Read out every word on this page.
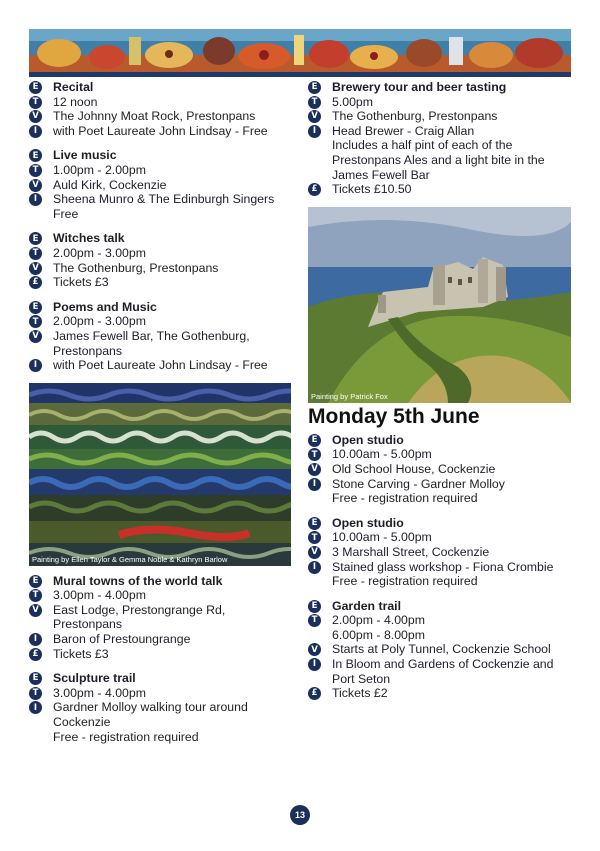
E Recital
T 12 noon
V The Johnny Moat Rock, Prestonpans
I	with Poet Laureate John Lindsay - Free
E Live music
T 1.00pm - 2.00pm
V Auld Kirk, Cockenzie
I	Sheena Munro & The Edinburgh Singers
Free
E Witches talk
T 2.00pm - 3.00pm
V The Gothenburg, Prestonpans
£ Tickets £3
E Poems and Music
T 2.00pm - 3.00pm
V James Fewell Bar, The Gothenburg,
Prestonpans
I	with Poet Laureate John Lindsay - Free
Painting by Ellen Taylor & Gemma Noble & Kathryn Barlow
E Mural towns of the world talk
T 3.00pm - 4.00pm
V East Lodge, Prestongrange Rd,
Prestonpans
I	Baron of Prestoungrange
£ Tickets £3
E Sculpture trail
T 3.00pm - 4.00pm
I	Gardner Molloy walking tour around
Cockenzie
Free - registration required
E Brewery tour and beer tasting
T 5.00pm
V The Gothenburg, Prestonpans
I	Head Brewer - Craig Allan
Includes a half pint of each of the
Prestonpans Ales and a light bite in the
James Fewell Bar
£ Tickets £10.50
Painting by Patrick Fox
Monday 5th June
E Open studio
T 10.00am - 5.00pm
V Old School House, Cockenzie
I	Stone Carving - Gardner Molloy
Free - registration required
E Open studio
T 10.00am - 5.00pm
V 3 Marshall Street, Cockenzie
I	Stained glass workshop - Fiona Crombie
Free - registration required
E Garden trail
T 2.00pm - 4.00pm
6.00pm - 8.00pm
V Starts at Poly Tunnel, Cockenzie School
I	In Bloom and Gardens of Cockenzie and
Port Seton
£ Tickets £2
13
